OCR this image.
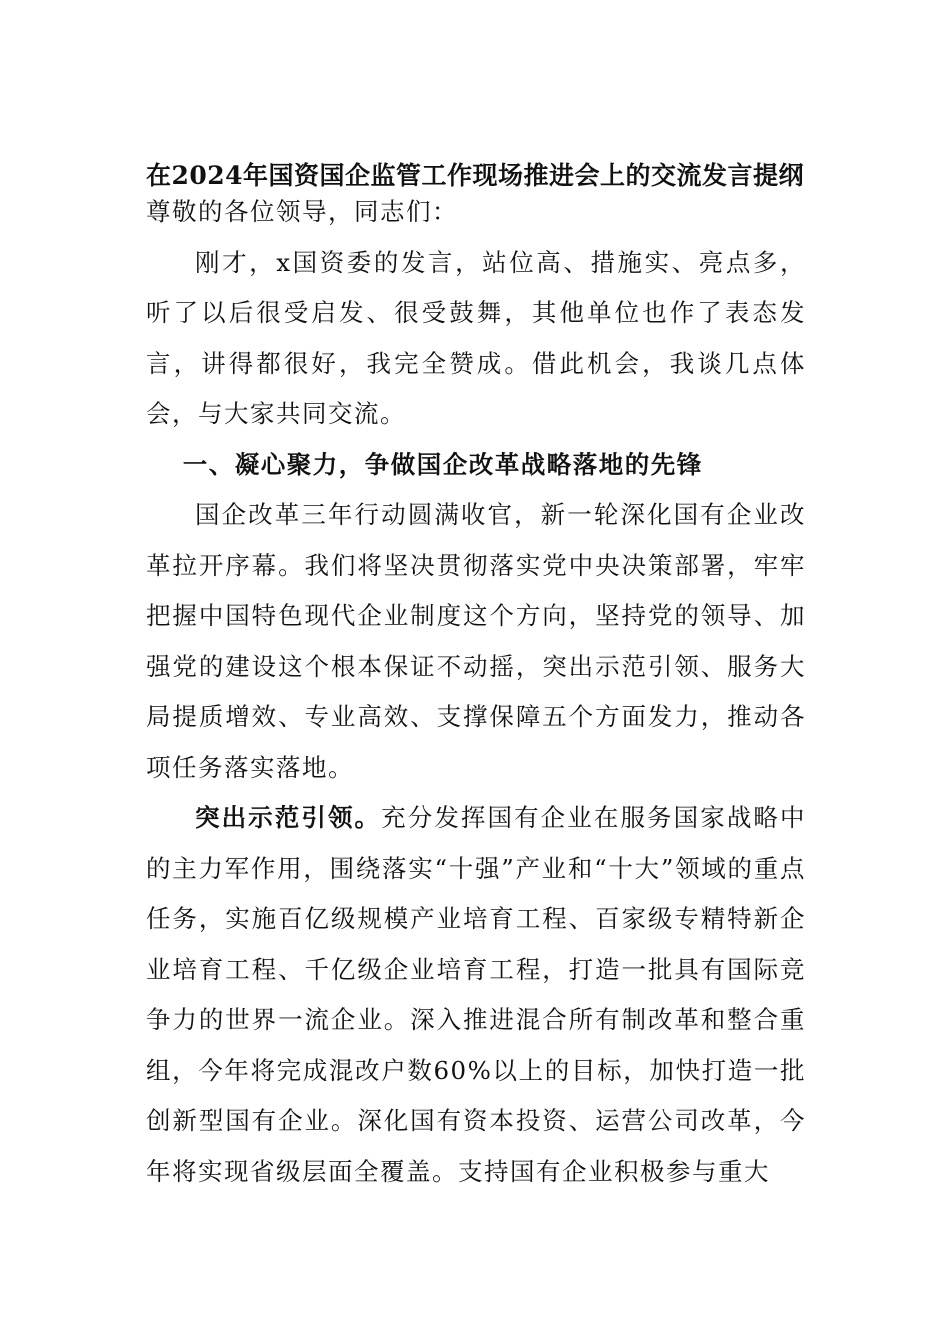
在2024年国资国企监管工作现场推进会上的交流发言提纲

尊敬的各位领导，同志们：

刚才，x国资委的发言，站位高、措施实、亮点多，听了以后很受启发、很受鼓舞，其他单位也作了表态发言，讲得都很好，我完全赞成。借此机会，我谈几点体会，与大家共同交流。

一、凝心聚力，争做国企改革战略落地的先锋

国企改革三年行动圆满收官，新一轮深化国有企业改革拉开序幕。我们将坚决贯彻落实党中央决策部署，牢牢把握中国特色现代企业制度这个方向，坚持党的领导、加强党的建设这个根本保证不动摇，突出示范引领、服务大局提质增效、专业高效、支撑保障五个方面发力，推动各项任务落实落地。

突出示范引领。充分发挥国有企业在服务国家战略中的主力军作用，围绕落实“十强”产业和“十大”领域的重点任务，实施百亿级规模产业培育工程、百家级专精特新企业培育工程、千亿级企业培育工程，打造一批具有国际竞争力的世界一流企业。深入推进混合所有制改革和整合重组，今年将完成混改户数60%以上的目标，加快打造一批创新型国有企业。深化国有资本投资、运营公司改革，今年将实现省级层面全覆盖。支持国有企业积极参与重大
